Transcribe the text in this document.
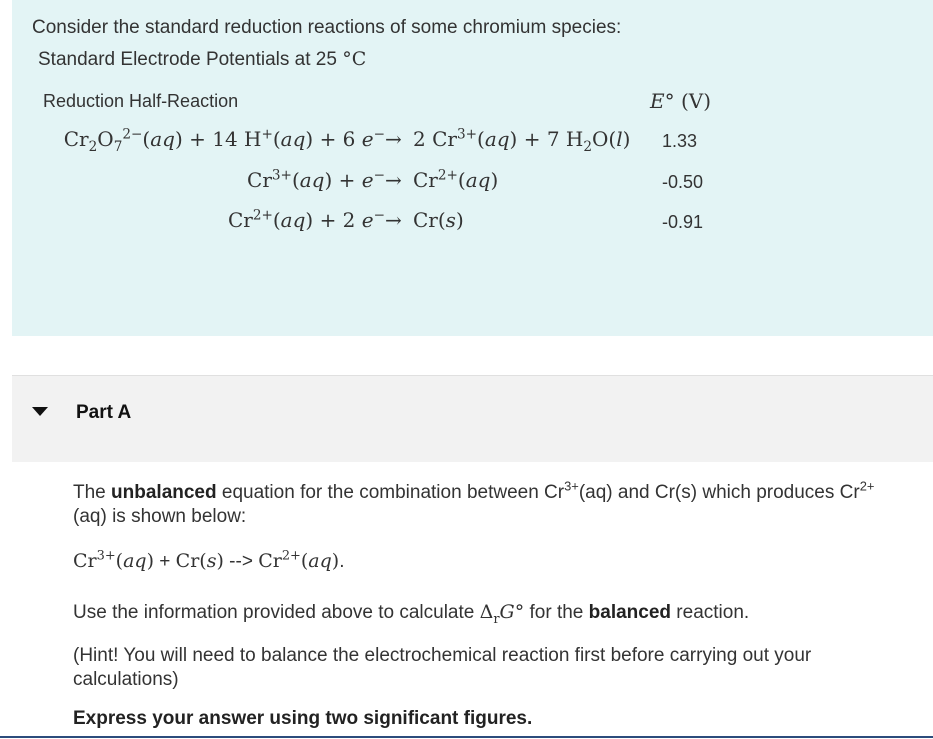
Consider the standard reduction reactions of some chromium species:
Standard Electrode Potentials at 25 °C
Reduction Half-Reaction	E° (V)
$Cr_2O_7^{2-}(aq) + 14$ H+(aq) + 6 e− → 2 $Cr^{3+}(aq) + 7$ $H_2O(l)$ 1.33
$Cr^{3+}(aq) + e^- \to Cr^{2+}(aq)$	-0.50
$Cr^{2+}(aq) + 2$ e− → Cr(s)	-0.91
Part A
The unbalanced equation for the combination between $Cr^{3+}(aq)$ and Cr(s) which produces $Cr^{2+}$ (aq) is shown below:
$Cr^{3+}(aq) + Cr(s)$ --> $Cr^{2+}(aq)$.
Use the information provided above to calculate $\Delta_rG^\circ$ for the balanced reaction.
(Hint! You will need to balance the electrochemical reaction first before carrying out your calculations)
Express your answer using two significant figures.
